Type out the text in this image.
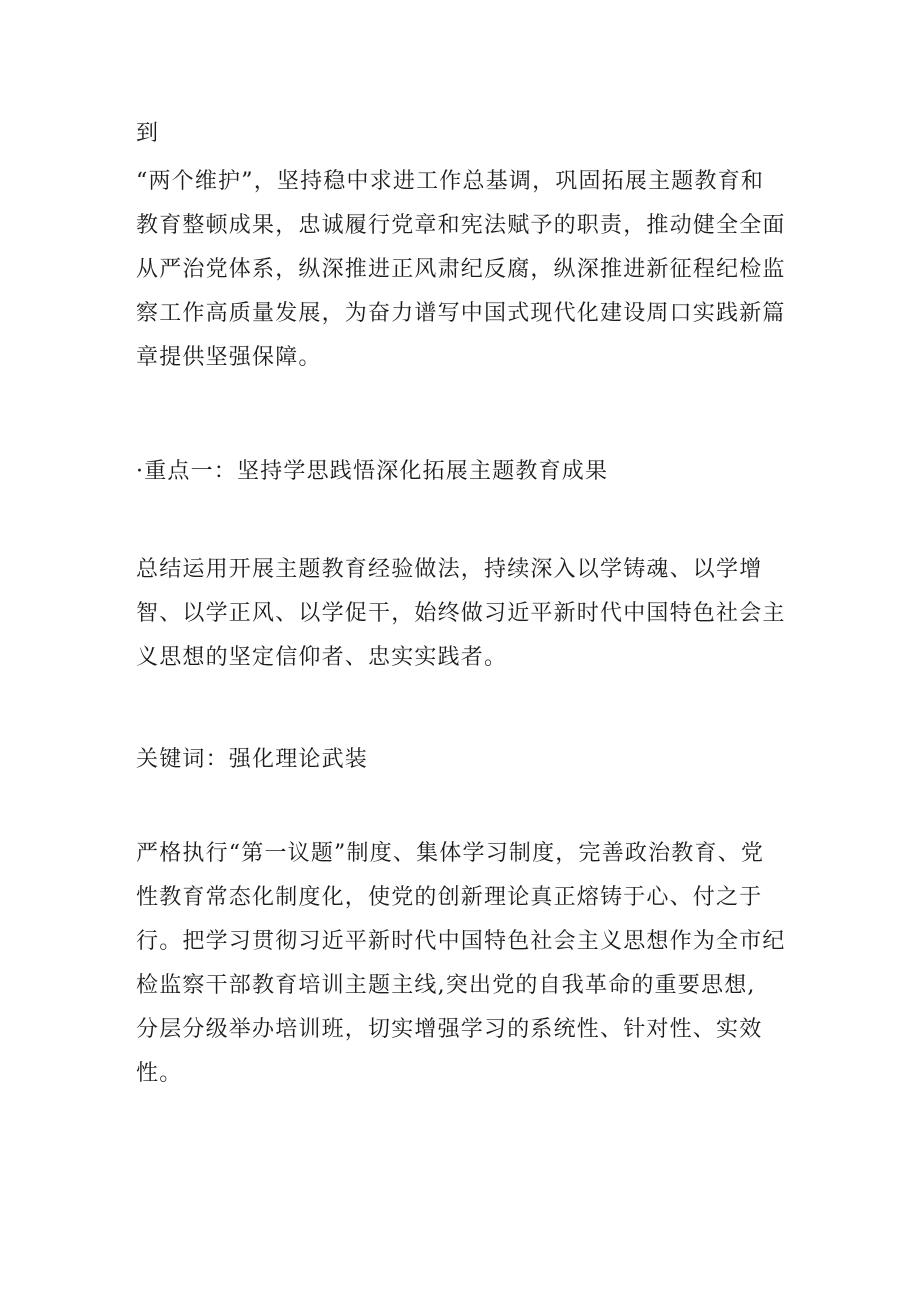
到

“两个维护”，坚持稳中求进工作总基调，巩固拓展主题教育和
教育整顿成果，忠诚履行党章和宪法赋予的职责，推动健全全面
从严治党体系，纵深推进正风肃纪反腐，纵深推进新征程纪检监
察工作高质量发展，为奋力谱写中国式现代化建设周口实践新篇
章提供坚强保障。

·重点一：坚持学思践悟深化拓展主题教育成果

总结运用开展主题教育经验做法，持续深入以学铸魂、以学增
智、以学正风、以学促干，始终做习近平新时代中国特色社会主
义思想的坚定信仰者、忠实实践者。

关键词：强化理论武装

严格执行“第一议题”制度、集体学习制度，完善政治教育、党
性教育常态化制度化，使党的创新理论真正熔铸于心、付之于
行。把学习贯彻习近平新时代中国特色社会主义思想作为全市纪
检监察干部教育培训主题主线,突出党的自我革命的重要思想,
分层分级举办培训班，切实增强学习的系统性、针对性、实效
性。
